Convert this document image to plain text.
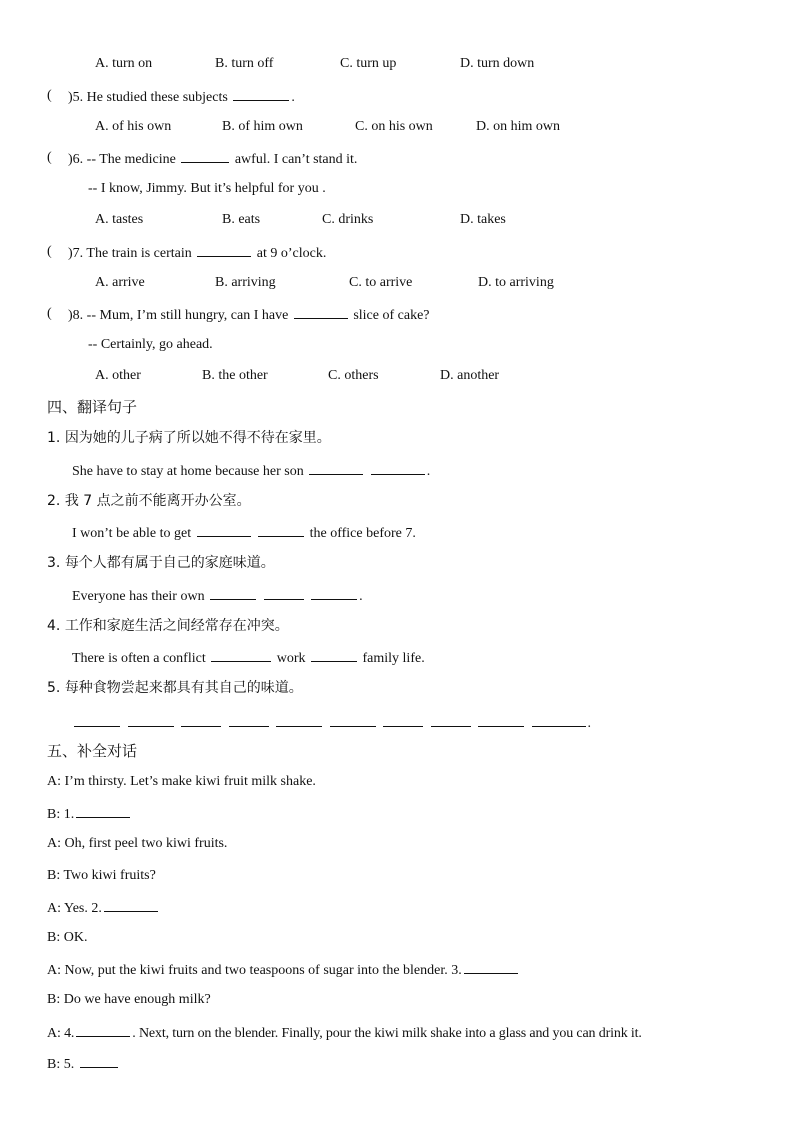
A. turn on	B. turn off	C. turn up	D. turn down
( )5. He studied these subjects	.
A. of his own	B. of him own	C. on his own	D. on him own
( )6. -- The medicine	awful. I can’t stand it.
-- I know, Jimmy. But it’s helpful for you .
A. tastes	B. eats	C. drinks	D. takes
( )7. The train is certain	at 9 o’clock.
A. arrive	B. arriving	C. to arrive	D. to arriving
( )8. -- Mum, I’m still hungry, can I have	slice of cake?
-- Certainly, go ahead.
A. other	B. the other	C. others	D. another
四、翻译句子
1. 因为她的儿子病了所以她不得不待在家里。
She have to stay at home because her son	.
2. 我 7 点之前不能离开办公室。
I won’t be able to get	the office before 7.
3. 每个人都有属于自己的家庭味道。
Everyone has their own	.
4. 工作和家庭生活之间经常存在冲突。
There is often a conflict	work	family life.
5. 每种食物尝起来都具有其自己的味道。
.
五、补全对话
A: I’m thirsty. Let’s make kiwi fruit milk shake.
B: 1.
A: Oh, first peel two kiwi fruits.
B: Two kiwi fruits?
A: Yes. 2.
B: OK.
A: Now, put the kiwi fruits and two teaspoons of sugar into the blender. 3.
B: Do we have enough milk?
A: 4.	. Next, turn on the blender. Finally, pour the kiwi milk shake into a glass and you can drink it.
B: 5.
